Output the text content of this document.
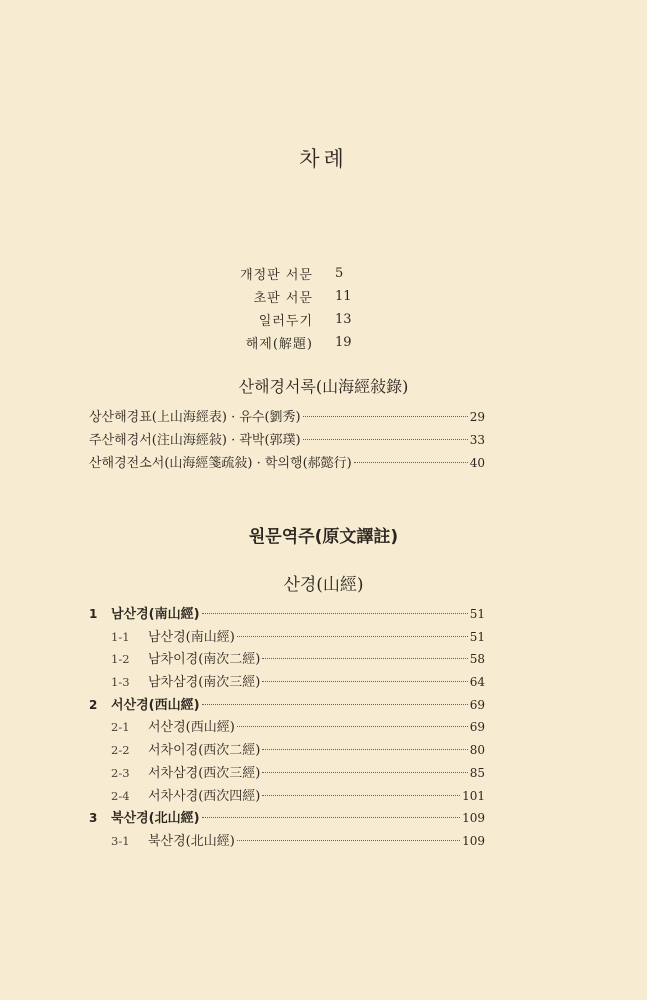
차례
개정판 서문 5
초판 서문 11
일러두기 13
해제(解題) 19
산해경서록(山海經敍錄)
상산해경표(上山海經表) · 유수(劉秀)	29
주산해경서(注山海經敍) · 곽박(郭璞)	33
산해경전소서(山海經箋疏敍) · 학의행(郝懿行)	40
원문역주(原文譯註)
산경(山經)
1	남산경(南山經)	51
1-1	남산경(南山經)	51
1-2	남차이경(南次二經)	58
1-3	남차삼경(南次三經)	64
2	서산경(西山經)	69
2-1	서산경(西山經)	69
2-2	서차이경(西次二經)	80
2-3	서차삼경(西次三經)	85
2-4	서차사경(西次四經)	101
3	북산경(北山經)	109
3-1	북산경(北山經)	109
